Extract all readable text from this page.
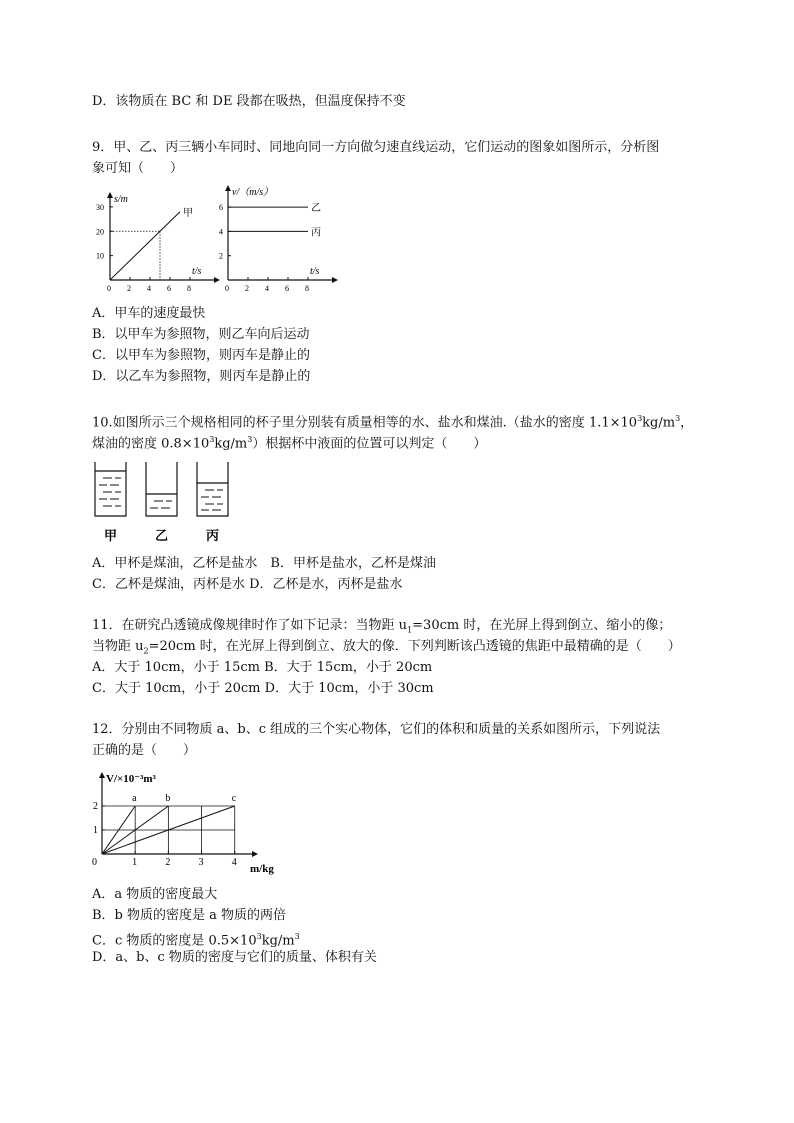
D．该物质在 BC 和 DE 段都在吸热，但温度保持不变
9．甲、乙、丙三辆小车同时、同地向同一方向做匀速直线运动，它们运动的图象如图所示，分析图
象可知（　　）
0 2 4 6 8
10
20
30
t/s
s/m
甲
0 2 4 6 8
2
4
6
t/s
v/（m/s）
乙
丙
A．甲车的速度最快
B．以甲车为参照物，则乙车向后运动
C．以甲车为参照物，则丙车是静止的
D．以乙车为参照物，则丙车是静止的
10.如图所示三个规格相同的杯子里分别装有质量相等的水、盐水和煤油.（盐水的密度 $1.1\times 10^3kg/m^3$，
煤油的密度 $0.8\times 10^3kg/m^3$）根据杯中液面的位置可以判定（　　）
甲	乙	丙
A．甲杯是煤油，乙杯是盐水　B．甲杯是盐水，乙杯是煤油
C．乙杯是煤油，丙杯是水 D．乙杯是水，丙杯是盐水
11．在研究凸透镜成像规律时作了如下记录：当物距 $u_1=30cm$ 时，在光屏上得到倒立、缩小的像；
当物距 $u_2=20cm$ 时，在光屏上得到倒立、放大的像．下列判断该凸透镜的焦距中最精确的是（　　）
A．大于 10cm，小于 15cm B．大于 15cm，小于 20cm
C．大于 10cm，小于 20cm D．大于 10cm，小于 30cm
12．分别由不同物质 a、b、c 组成的三个实心物体，它们的体积和质量的关系如图所示，下列说法
正确的是（　　）
0	1	2	3	4
1
2
m/kg
V/×10⁻³m³
a	b	c
A．a 物质的密度最大
B．b 物质的密度是 a 物质的两倍
C．c 物质的密度是 $0.5\times 10^3kg/m^3$
D．a、b、c 物质的密度与它们的质量、体积有关
